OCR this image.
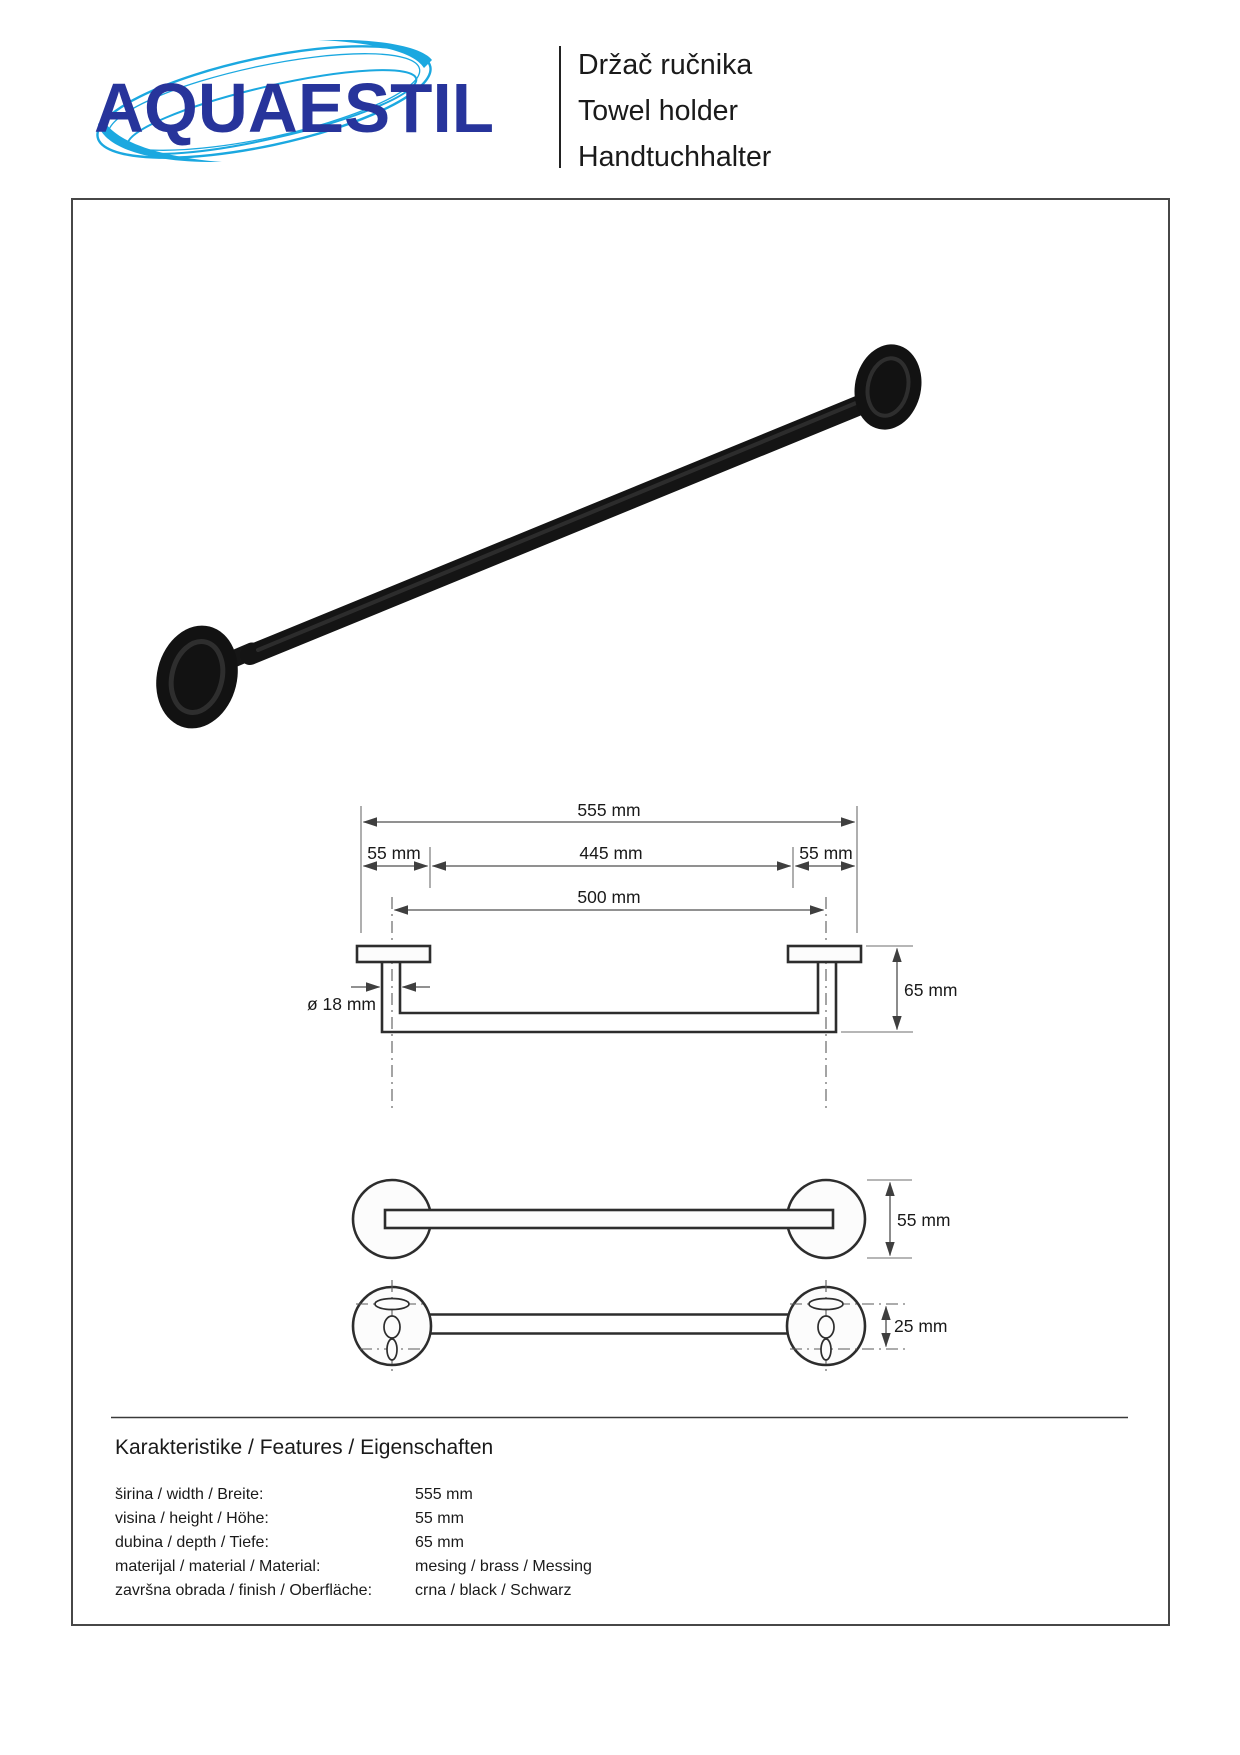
AQUAESTIL
Držač ručnika
Towel holder
Handtuchhalter
555 mm
55 mm	445 mm	55 mm
500 mm
ø 18 mm
65 mm
55 mm
25 mm
Karakteristike / Features / Eigenschaften
širina / width / Breite:	555 mm
visina / height / Höhe:	55 mm
dubina / depth / Tiefe:	65 mm
materijal / material / Material:	mesing / brass / Messing
završna obrada / finish / Oberfläche:	crna / black / Schwarz
